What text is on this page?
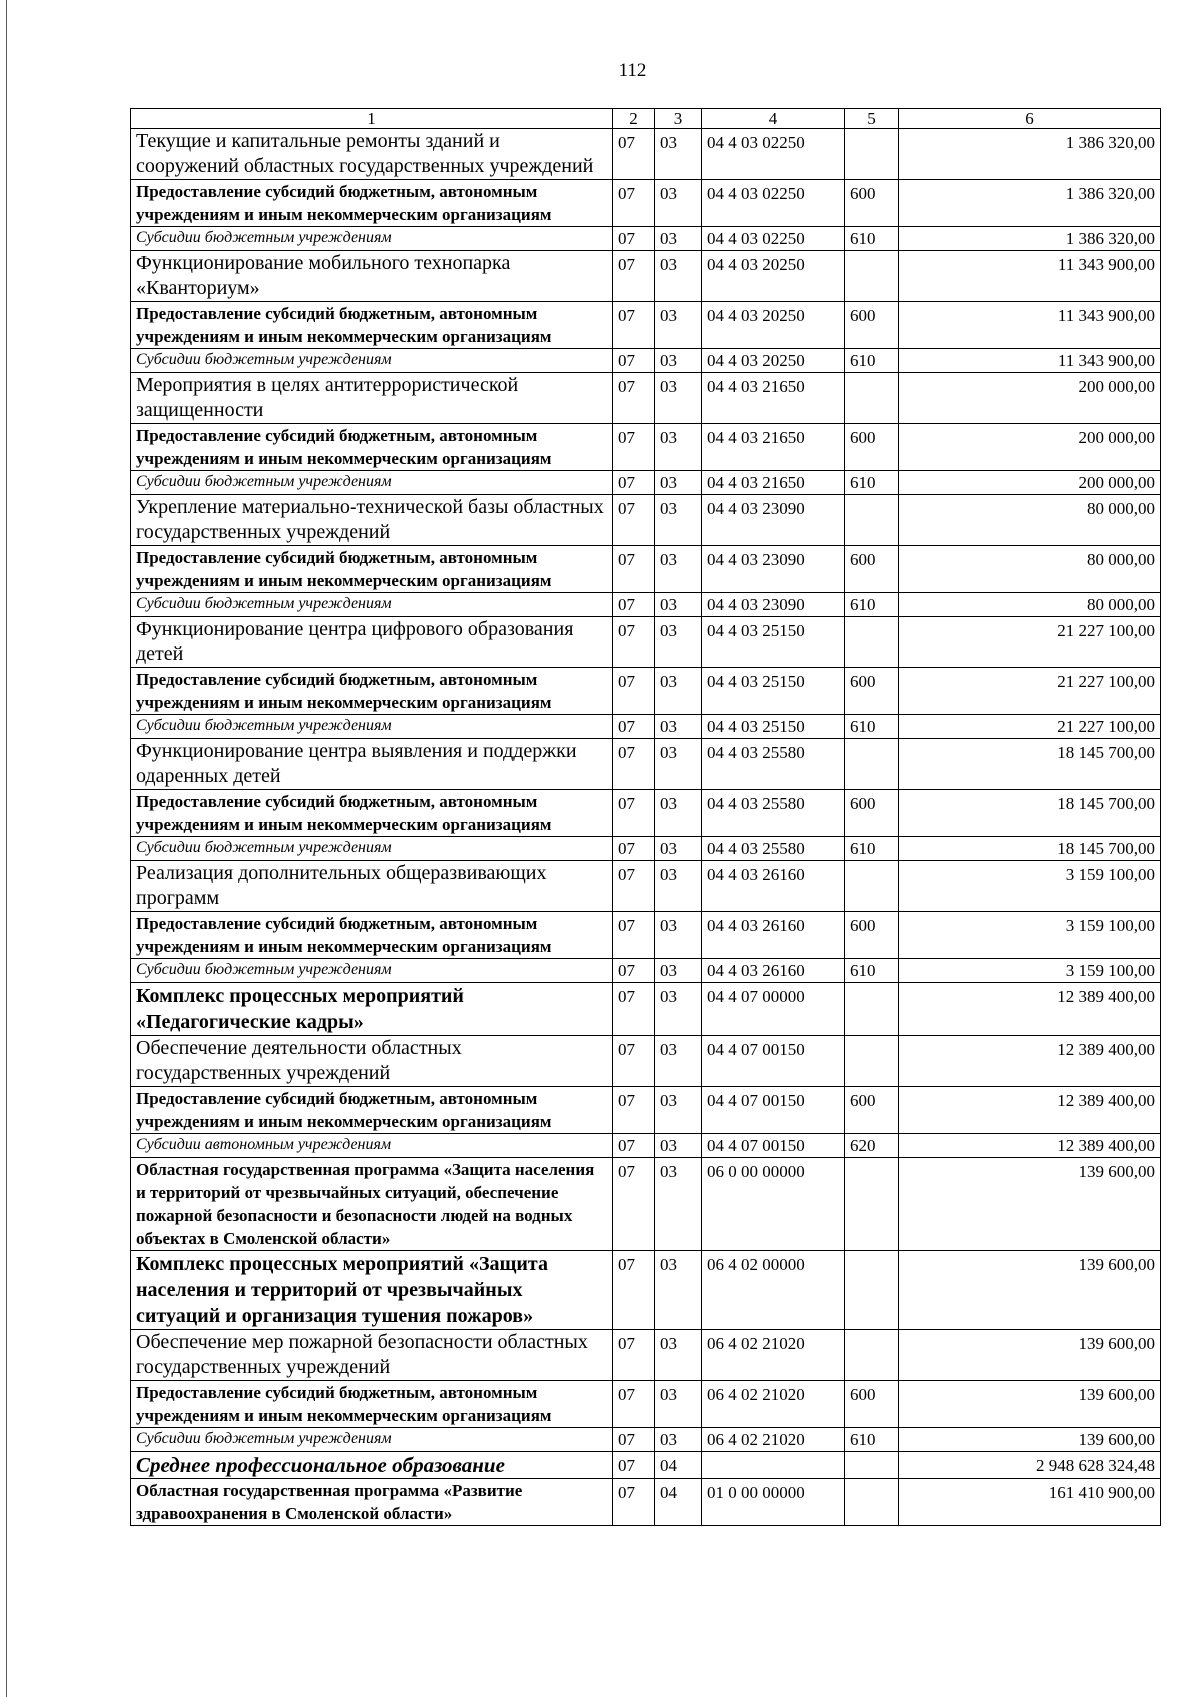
112
1	2	3	4	5	6
Текущие и капитальные ремонты зданий и сооружений областных государственных учреждений	07	03	04 4 03 02250		1 386 320,00
Предоставление субсидий бюджетным, автономным учреждениям и иным некоммерческим организациям	07	03	04 4 03 02250	600	1 386 320,00
Субсидии бюджетным учреждениям	07	03	04 4 03 02250	610	1 386 320,00
Функционирование мобильного технопарка «Кванториум»	07	03	04 4 03 20250		11 343 900,00
Предоставление субсидий бюджетным, автономным учреждениям и иным некоммерческим организациям	07	03	04 4 03 20250	600	11 343 900,00
Субсидии бюджетным учреждениям	07	03	04 4 03 20250	610	11 343 900,00
Мероприятия в целях антитеррористической защищенности	07	03	04 4 03 21650		200 000,00
Предоставление субсидий бюджетным, автономным учреждениям и иным некоммерческим организациям	07	03	04 4 03 21650	600	200 000,00
Субсидии бюджетным учреждениям	07	03	04 4 03 21650	610	200 000,00
Укрепление материально-технической базы областных государственных учреждений	07	03	04 4 03 23090		80 000,00
Предоставление субсидий бюджетным, автономным учреждениям и иным некоммерческим организациям	07	03	04 4 03 23090	600	80 000,00
Субсидии бюджетным учреждениям	07	03	04 4 03 23090	610	80 000,00
Функционирование центра цифрового образования детей	07	03	04 4 03 25150		21 227 100,00
Предоставление субсидий бюджетным, автономным учреждениям и иным некоммерческим организациям	07	03	04 4 03 25150	600	21 227 100,00
Субсидии бюджетным учреждениям	07	03	04 4 03 25150	610	21 227 100,00
Функционирование центра выявления и поддержки одаренных детей	07	03	04 4 03 25580		18 145 700,00
Предоставление субсидий бюджетным, автономным учреждениям и иным некоммерческим организациям	07	03	04 4 03 25580	600	18 145 700,00
Субсидии бюджетным учреждениям	07	03	04 4 03 25580	610	18 145 700,00
Реализация дополнительных общеразвивающих программ	07	03	04 4 03 26160		3 159 100,00
Предоставление субсидий бюджетным, автономным учреждениям и иным некоммерческим организациям	07	03	04 4 03 26160	600	3 159 100,00
Субсидии бюджетным учреждениям	07	03	04 4 03 26160	610	3 159 100,00
Комплекс процессных мероприятий «Педагогические кадры»	07	03	04 4 07 00000		12 389 400,00
Обеспечение деятельности областных государственных учреждений	07	03	04 4 07 00150		12 389 400,00
Предоставление субсидий бюджетным, автономным учреждениям и иным некоммерческим организациям	07	03	04 4 07 00150	600	12 389 400,00
Субсидии автономным учреждениям	07	03	04 4 07 00150	620	12 389 400,00
Областная государственная программа «Защита населения и территорий от чрезвычайных ситуаций, обеспечение пожарной безопасности и безопасности людей на водных объектах в Смоленской области»	07	03	06 0 00 00000		139 600,00
Комплекс процессных мероприятий «Защита населения и территорий от чрезвычайных ситуаций и организация тушения пожаров»	07	03	06 4 02 00000		139 600,00
Обеспечение мер пожарной безопасности областных государственных учреждений	07	03	06 4 02 21020		139 600,00
Предоставление субсидий бюджетным, автономным учреждениям и иным некоммерческим организациям	07	03	06 4 02 21020	600	139 600,00
Субсидии бюджетным учреждениям	07	03	06 4 02 21020	610	139 600,00
Среднее профессиональное образование	07	04			2 948 628 324,48
Областная государственная программа «Развитие здравоохранения в Смоленской области»	07	04	01 0 00 00000		161 410 900,00
